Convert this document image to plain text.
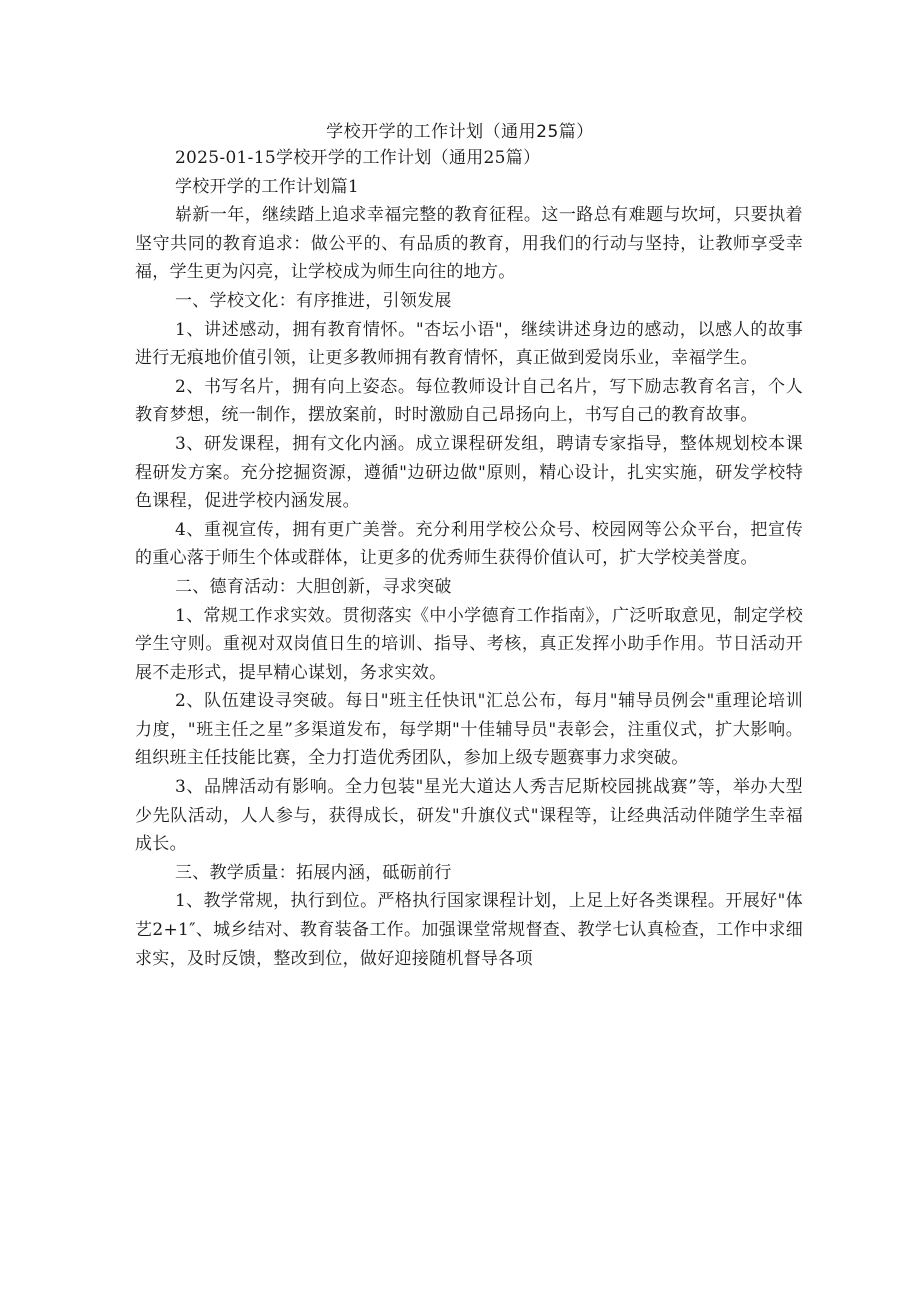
学校开学的工作计划（通用25篇）

2025-01-15学校开学的工作计划（通用25篇）

学校开学的工作计划篇1

崭新一年，继续踏上追求幸福完整的教育征程。这一路总有难题与坎坷，只要执着坚守共同的教育追求：做公平的、有品质的教育，用我们的行动与坚持，让教师享受幸福，学生更为闪亮，让学校成为师生向往的地方。

一、学校文化：有序推进，引领发展

1、讲述感动，拥有教育情怀。"杏坛小语"，继续讲述身边的感动，以感人的故事进行无痕地价值引领，让更多教师拥有教育情怀，真正做到爱岗乐业，幸福学生。

2、书写名片，拥有向上姿态。每位教师设计自己名片，写下励志教育名言，个人教育梦想，统一制作，摆放案前，时时激励自己昂扬向上，书写自己的教育故事。

3、研发课程，拥有文化内涵。成立课程研发组，聘请专家指导，整体规划校本课程研发方案。充分挖掘资源，遵循"边研边做"原则，精心设计，扎实实施，研发学校特色课程，促进学校内涵发展。

4、重视宣传，拥有更广美誉。充分利用学校公众号、校园网等公众平台，把宣传的重心落于师生个体或群体，让更多的优秀师生获得价值认可，扩大学校美誉度。

二、德育活动：大胆创新，寻求突破

1、常规工作求实效。贯彻落实《中小学德育工作指南》，广泛听取意见，制定学校学生守则。重视对双岗值日生的培训、指导、考核，真正发挥小助手作用。节日活动开展不走形式，提早精心谋划，务求实效。

2、队伍建设寻突破。每日"班主任快讯"汇总公布，每月"辅导员例会"重理论培训力度，"班主任之星”多渠道发布，每学期"十佳辅导员"表彰会，注重仪式，扩大影响。组织班主任技能比赛，全力打造优秀团队，参加上级专题赛事力求突破。

3、品牌活动有影响。全力包装"星光大道达人秀吉尼斯校园挑战赛”等，举办大型少先队活动，人人参与，获得成长，研发"升旗仪式"课程等，让经典活动伴随学生幸福成长。

三、教学质量：拓展内涵，砥砺前行

1、教学常规，执行到位。严格执行国家课程计划，上足上好各类课程。开展好"体艺2+1″、城乡结对、教育装备工作。加强课堂常规督查、教学七认真检查，工作中求细求实，及时反馈，整改到位，做好迎接随机督导各项
